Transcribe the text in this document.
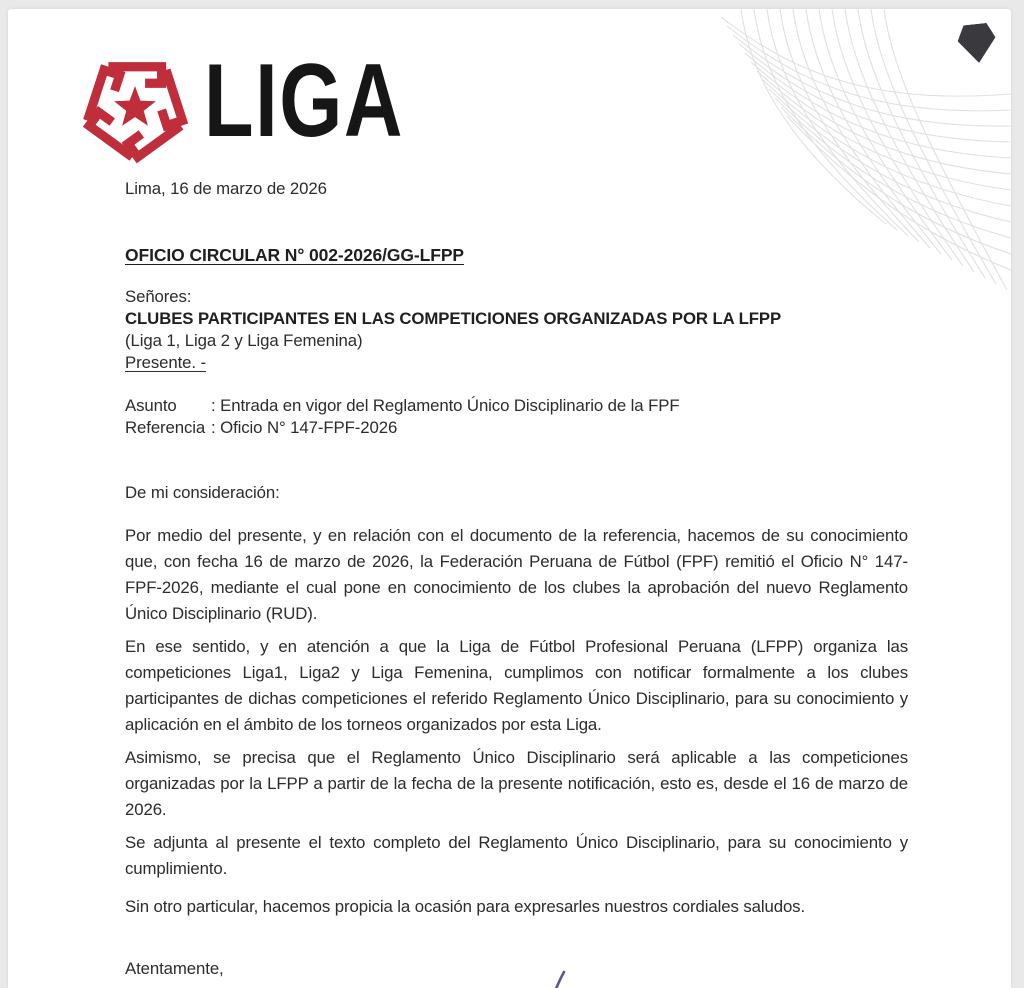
LIGA
Lima, 16 de marzo de 2026
OFICIO CIRCULAR N° 002-2026/GG-LFPP
Señores:
CLUBES PARTICIPANTES EN LAS COMPETICIONES ORGANIZADAS POR LA LFPP
(Liga 1, Liga 2 y Liga Femenina)
Presente. -
Asunto	: Entrada en vigor del Reglamento Único Disciplinario de la FPF
Referencia : Oficio N° 147-FPF-2026
De mi consideración:

Por medio del presente, y en relación con el documento de la referencia, hacemos de su conocimiento que, con fecha 16 de marzo de 2026, la Federación Peruana de Fútbol (FPF) remitió el Oficio N° 147-FPF-2026, mediante el cual pone en conocimiento de los clubes la aprobación del nuevo Reglamento Único Disciplinario (RUD).

En ese sentido, y en atención a que la Liga de Fútbol Profesional Peruana (LFPP) organiza las competiciones Liga1, Liga2 y Liga Femenina, cumplimos con notificar formalmente a los clubes participantes de dichas competiciones el referido Reglamento Único Disciplinario, para su conocimiento y aplicación en el ámbito de los torneos organizados por esta Liga.

Asimismo, se precisa que el Reglamento Único Disciplinario será aplicable a las competiciones organizadas por la LFPP a partir de la fecha de la presente notificación, esto es, desde el 16 de marzo de 2026.

Se adjunta al presente el texto completo del Reglamento Único Disciplinario, para su conocimiento y cumplimiento.

Sin otro particular, hacemos propicia la ocasión para expresarles nuestros cordiales saludos.

Atentamente,
